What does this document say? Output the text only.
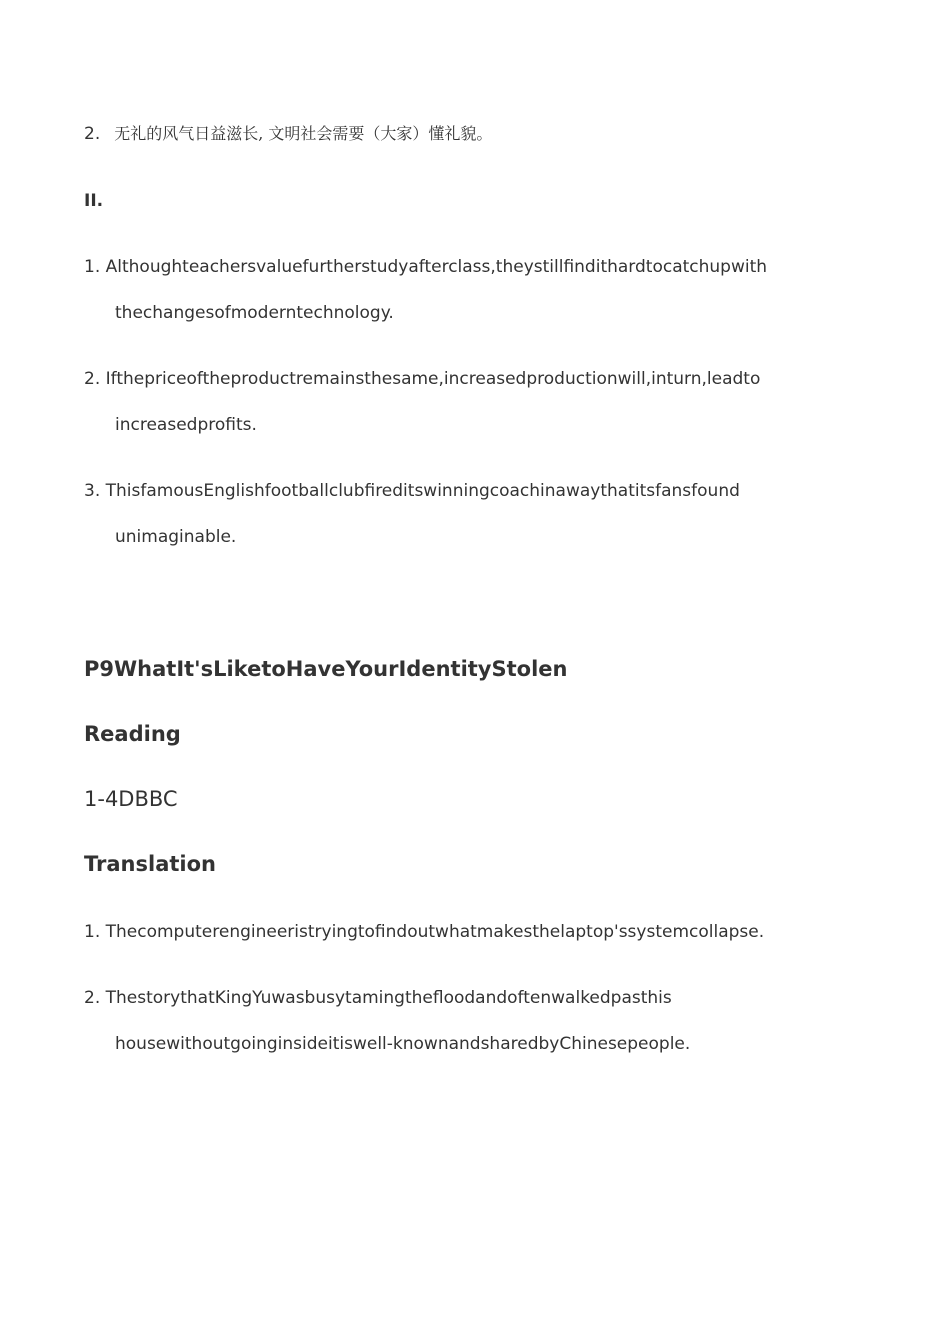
2. 无礼的风气日益滋长, 文明社会需要（大家）懂礼貌。
II.
1. Althoughteachersvaluefurtherstudyafterclass,theystillfindithardtocatchupwith
thechangesofmoderntechnology.
2. Ifthepriceoftheproductremainsthesame,increasedproductionwill,inturn,leadto
increasedprofits.
3. ThisfamousEnglishfootballclubfireditswinningcoachinawaythatitsfansfound
unimaginable.
P9WhatIt'sLiketoHaveYourIdentityStolen
Reading
1-4DBBC
Translation
1. Thecomputerengineeristryingtofindoutwhatmakesthelaptop'ssystemcollapse.
2. ThestorythatKingYuwasbusytamingthefloodandoftenwalkedpasthis
housewithoutgoinginsideitiswell-knownandsharedbyChinesepeople.
